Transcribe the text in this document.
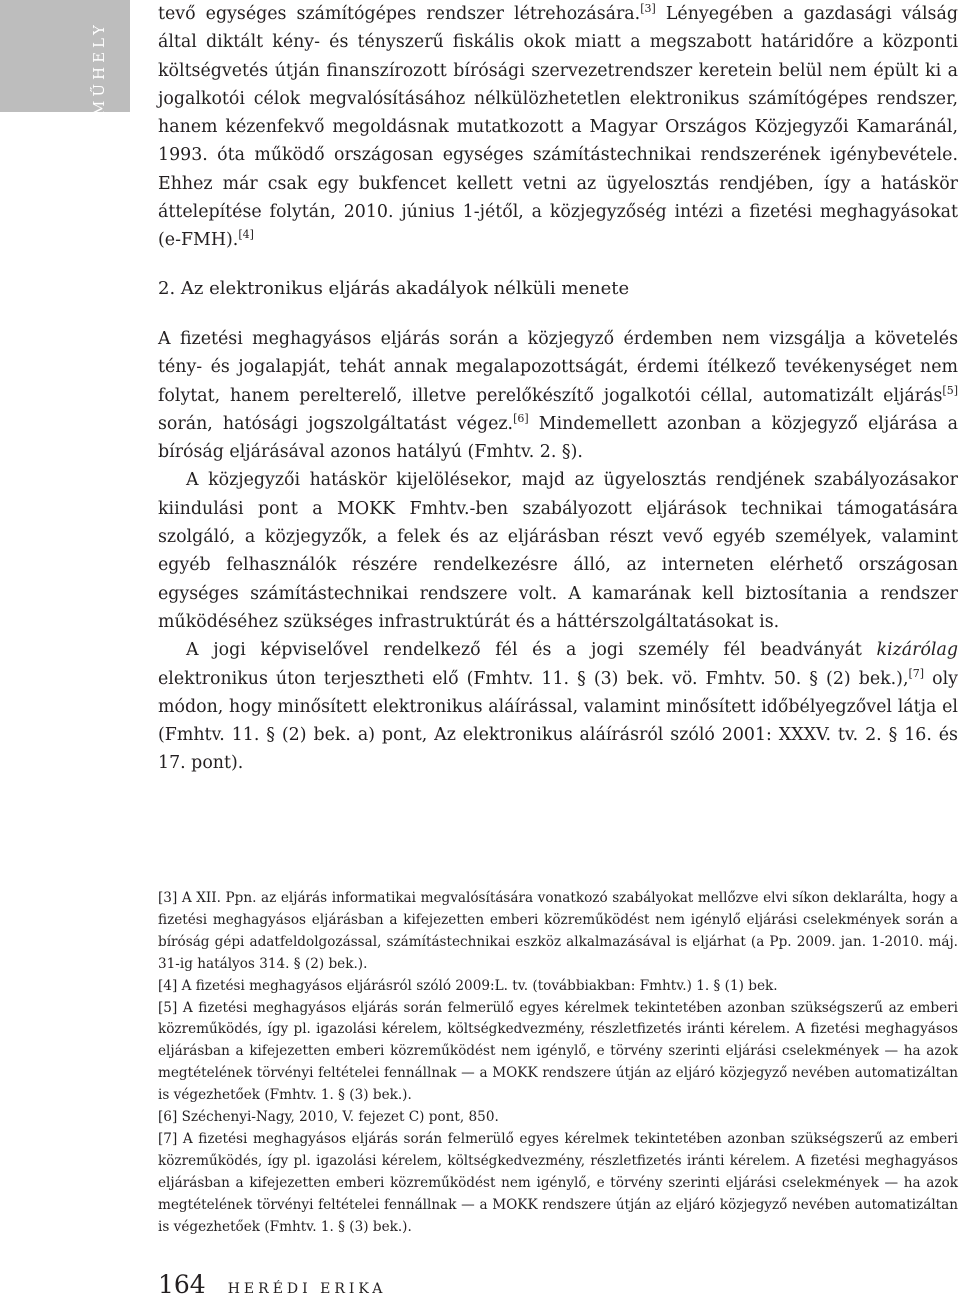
MŰHELY

tevő egységes számítógépes rendszer létrehozására.[3] Lényegében a gazdasági válság által diktált kény- és tényszerű fiskális okok miatt a megszabott határidőre a központi költségvetés útján finanszírozott bírósági szervezetrendszer keretein belül nem épült ki a jogalkotói célok megvalósításához nélkülözhetetlen elektronikus számítógépes rendszer, hanem kézenfekvő megoldásnak mutatkozott a Magyar Országos Közjegyzői Kamaránál, 1993. óta működő országosan egységes számítástechnikai rendszerének igénybevétele. Ehhez már csak egy bukfencet kellett vetni az ügyelosztás rendjében, így a hatáskör áttelepítése folytán, 2010. június 1-jétől, a közjegyzőség intézi a fizetési meghagyásokat (e-FMH).[4]

2. Az elektronikus eljárás akadályok nélküli menete

A fizetési meghagyásos eljárás során a közjegyző érdemben nem vizsgálja a követelés tény- és jogalapját, tehát annak megalapozottságát, érdemi ítélkező tevékenységet nem folytat, hanem perelterelő, illetve perelőkészítő jogalkotói céllal, automatizált eljárás[5] során, hatósági jogszolgáltatást végez.[6] Mindemellett azonban a közjegyző eljárása a bíróság eljárásával azonos hatályú (Fmhtv. 2. §).

A közjegyzői hatáskör kijelölésekor, majd az ügyelosztás rendjének szabályozásakor kiindulási pont a MOKK Fmhtv.-ben szabályozott eljárások technikai támogatására szolgáló, a közjegyzők, a felek és az eljárásban részt vevő egyéb személyek, valamint egyéb felhasználók részére rendelkezésre álló, az interneten elérhető országosan egységes számítástechnikai rendszere volt. A kamarának kell biztosítania a rendszer működéséhez szükséges infrastruktúrát és a háttérszolgáltatásokat is.

A jogi képviselővel rendelkező fél és a jogi személy fél beadványát kizárólag elektronikus úton terjesztheti elő (Fmhtv. 11. § (3) bek. vö. Fmhtv. 50. § (2) bek.),[7] oly módon, hogy minősített elektronikus aláírással, valamint minősített időbélyegzővel látja el (Fmhtv. 11. § (2) bek. a) pont, Az elektronikus aláírásról szóló 2001: XXXV. tv. 2. § 16. és 17. pont).

[3] A XII. Ppn. az eljárás informatikai megvalósítására vonatkozó szabályokat mellőzve elvi síkon deklarálta, hogy a fizetési meghagyásos eljárásban a kifejezetten emberi közreműködést nem igénylő eljárási cselekmények során a bíróság gépi adatfeldolgozással, számítástechnikai eszköz alkalmazásával is eljárhat (a Pp. 2009. jan. 1-2010. máj. 31-ig hatályos 314. § (2) bek.).

[4] A fizetési meghagyásos eljárásról szóló 2009:L. tv. (továbbiakban: Fmhtv.) 1. § (1) bek.

[5] A fizetési meghagyásos eljárás során felmerülő egyes kérelmek tekintetében azonban szükségszerű az emberi közreműködés, így pl. igazolási kérelem, költségkedvezmény, részletfizetés iránti kérelem. A fizetési meghagyásos eljárásban a kifejezetten emberi közreműködést nem igénylő, e törvény szerinti eljárási cselekmények — ha azok megtételének törvényi feltételei fennállnak — a MOKK rendszere útján az eljáró közjegyző nevében automatizáltan is végezhetőek (Fmhtv. 1. § (3) bek.).

[6] Széchenyi-Nagy, 2010, V. fejezet C) pont, 850.

[7] A fizetési meghagyásos eljárás során felmerülő egyes kérelmek tekintetében azonban szükségszerű az emberi közreműködés, így pl. igazolási kérelem, költségkedvezmény, részletfizetés iránti kérelem. A fizetési meghagyásos eljárásban a kifejezetten emberi közreműködést nem igénylő, e törvény szerinti eljárási cselekmények — ha azok megtételének törvényi feltételei fennállnak — a MOKK rendszere útján az eljáró közjegyző nevében automatizáltan is végezhetőek (Fmhtv. 1. § (3) bek.).

164 HERÉDI ERIKA
